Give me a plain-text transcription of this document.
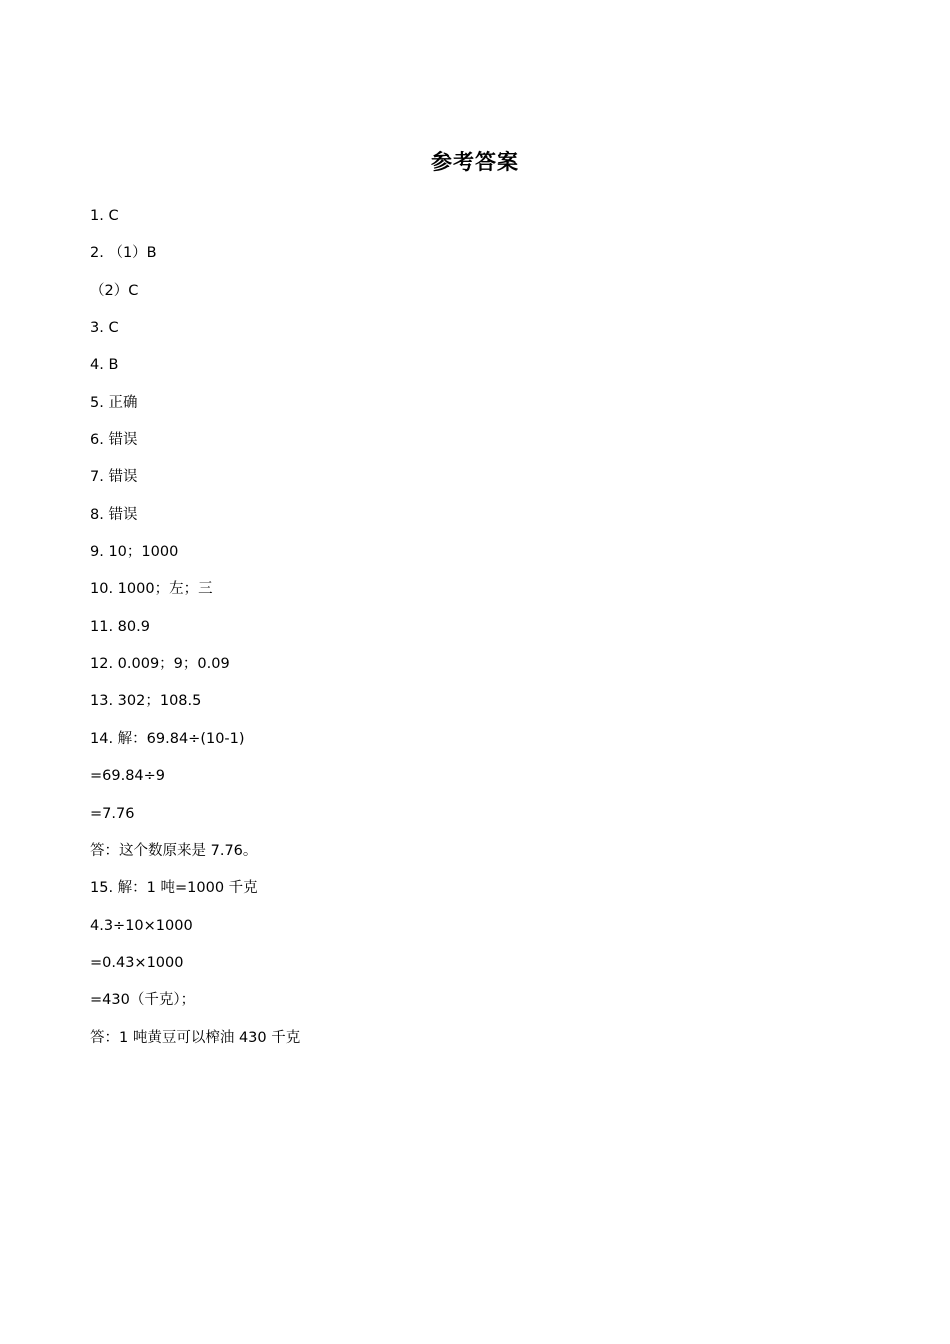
参考答案
1. C
2. （1）B
（2）C
3. C
4. B
5. 正确
6. 错误
7. 错误
8. 错误
9. 10；1000
10. 1000；左；三
11. 80.9
12. 0.009；9；0.09
13. 302；108.5
14. 解：69.84÷(10-1)
=69.84÷9
=7.76
答：这个数原来是 7.76。
15. 解：1 吨=1000 千克
4.3÷10×1000
=0.43×1000
=430（千克）；
答：1 吨黄豆可以榨油 430 千克
